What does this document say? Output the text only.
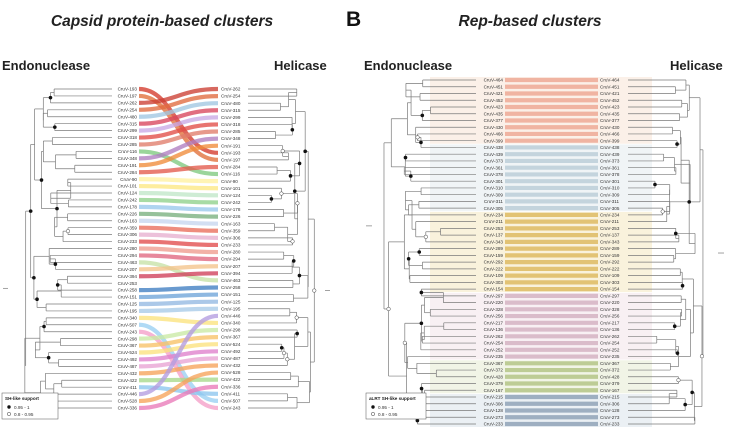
Capsid protein-based clusters
Endonuclease	Helicase
CruV-193
CruV-197
CruV-262
CruV-254
CruV-480
CruV-315
CruV-299
CruV-318
CruV-285
CruV-116
CruV-348
CruV-191
CruV-284
CruV-90
CruV-101
CruV-124
CruV-242
CruV-178
CruV-226
CruV-163
CruV-359
CruV-306
CruV-233
CruV-280
CruV-294
CruV-463
CruV-207
CruV-394
CruV-253
CruV-258
CruV-151
CruV-125
CruV-195
CruV-340
CruV-507
CruV-243
CruV-298
CruV-367
CruV-524
CruV-492
CruV-487
CruV-432
CruV-422
CruV-411
CruV-446
CruV-528
CruV-336
CruV-262
CruV-254
CruV-480
CruV-315
CruV-299
CruV-318
CruV-285
CruV-348
CruV-191
CruV-193
CruV-197
CruV-284
CruV-116
CruV-90
CruV-101
CruV-124
CruV-242
CruV-178
CruV-226
CruV-163
CruV-359
CruV-306
CruV-233
CruV-280
CruV-294
CruV-207
CruV-394
CruV-463
CruV-258
CruV-151
CruV-125
CruV-195
CruV-446
CruV-340
CruV-298
CruV-367
CruV-524
CruV-492
CruV-487
CruV-432
CruV-528
CruV-422
CruV-336
CruV-411
CruV-507
CruV-243
SH-like support
0.95 - 1
0.8 - 0.95
B	Rep-based clusters
Endonuclease	Helicase
CruV-464
CruV-451
CruV-421
CruV-452
CruV-423
CruV-435
CruV-377
CruV-430
CruV-466
CruV-399
CruV-438
CruV-439
CruV-373
CruV-361
CruV-378
CruV-301
CruV-310
CruV-309
CruV-311
CruV-305
CruV-234
CruV-211
CruV-253
CruV-137
CruV-343
CruV-289
CruV-159
CruV-292
CruV-222
CruV-109
CruV-303
CruV-154
CruV-297
CruV-220
CruV-328
CruV-256
CruV-217
CruV-136
CruV-262
CruV-254
CruV-252
CruV-235
CruV-367
CruV-372
CruV-428
CruV-379
CruV-167
CruV-215
CruV-306
CruV-128
CruV-273
CruV-233
CruV-464
CruV-451
CruV-421
CruV-452
CruV-423
CruV-435
CruV-377
CruV-430
CruV-466
CruV-399
CruV-438
CruV-439
CruV-373
CruV-361
CruV-378
CruV-301
CruV-310
CruV-309
CruV-311
CruV-305
CruV-234
CruV-211
CruV-253
CruV-137
CruV-343
CruV-289
CruV-159
CruV-292
CruV-222
CruV-109
CruV-303
CruV-154
CruV-297
CruV-220
CruV-328
CruV-256
CruV-217
CruV-136
CruV-262
CruV-254
CruV-252
CruV-235
CruV-367
CruV-372
CruV-428
CruV-379
CruV-167
CruV-215
CruV-306
CruV-128
CruV-273
CruV-233
aLRT SH-like support
0.95 - 1
0.8 - 0.95
